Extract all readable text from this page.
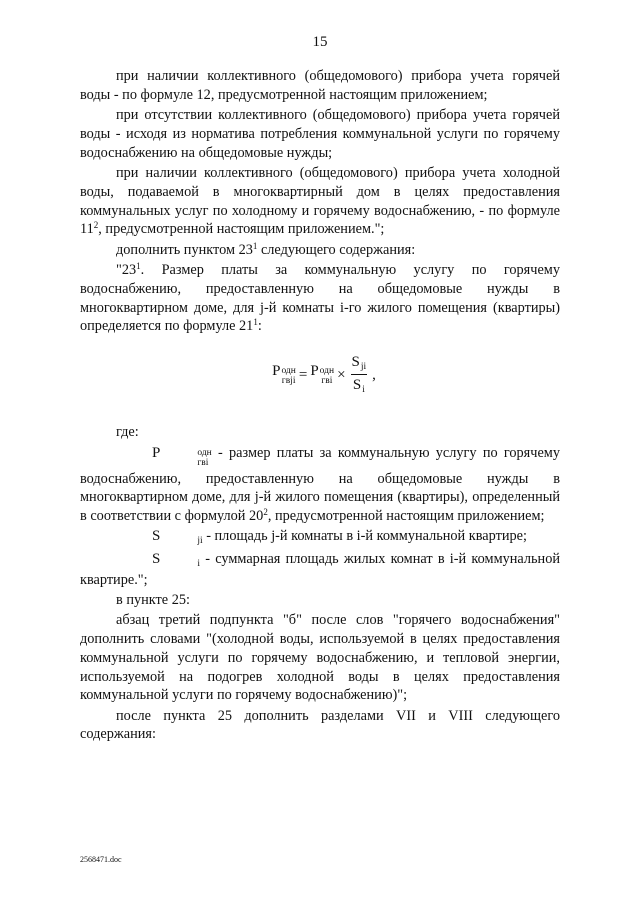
15

при наличии коллективного (общедомового) прибора учета горячей воды - по формуле 12, предусмотренной настоящим приложением;

при отсутствии коллективного (общедомового) прибора учета горячей воды - исходя из норматива потребления коммунальной услуги по горячему водоснабжению на общедомовые нужды;

при наличии коллективного (общедомового) прибора учета холодной воды, подаваемой в многоквартирный дом в целях предоставления коммунальных услуг по холодному и горячему водоснабжению, - по формуле $11^2$, предусмотренной настоящим приложением.";

дополнить пунктом $23^1$ следующего содержания:

"$23^1$. Размер платы за коммунальную услугу по горячему водоснабжению, предоставленную на общедомовые нужды в многоквартирном доме, для j-й комнаты i-го жилого помещения (квартиры) определяется по формуле $21^1$:

P одн
гвjі = P одн
гвi × $\frac{S_{ji}}{S_i}$ ,

где:

P	одн
гвi
- размер платы за коммунальную услугу по горячему водоснабжению, предоставленную на общедомовые нужды в многоквартирном доме, для j-й жилого помещения (квартиры), определенный в соответствии с формулой $20^2$, предусмотренной настоящим приложением;

S	ji - площадь j-й комнаты в i-й коммунальной квартире;

S	i - суммарная площадь жилых комнат в i-й коммунальной квартире.";

в пункте 25:

абзац третий подпункта "б" после слов "горячего водоснабжения" дополнить словами "(холодной воды, используемой в целях предоставления коммунальной услуги по горячему водоснабжению, и тепловой энергии, используемой на подогрев холодной воды в целях предоставления коммунальной услуги по горячему водоснабжению)";

после пункта 25 дополнить разделами VII и VIII следующего содержания:

2568471.doc
